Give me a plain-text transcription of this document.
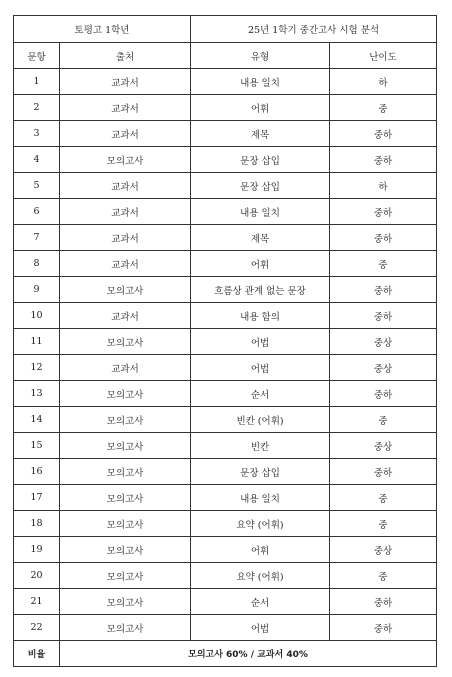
토평고 1학년		25년 1학기 중간고사 시험 분석	
문항	출처	유형	난이도
1	교과서	내용 일치	하
2	교과서	어휘	중
3	교과서	제목	중하
4	모의고사	문장 삽입	중하
5	교과서	문장 삽입	하
6	교과서	내용 일치	중하
7	교과서	제목	중하
8	교과서	어휘	중
9	모의고사	흐름상 관계 없는 문장	중하
10	교과서	내용 함의	중하
11	모의고사	어법	중상
12	교과서	어법	중상
13	모의고사	순서	중하
14	모의고사	빈칸 (어휘)	중
15	모의고사	빈칸	중상
16	모의고사	문장 삽입	중하
17	모의고사	내용 일치	중
18	모의고사	요약 (어휘)	중
19	모의고사	어휘	중상
20	모의고사	요약 (어휘)	중
21	모의고사	순서	중하
22	모의고사	어법	중하
비율	모의고사 60% / 교과서 40%		
